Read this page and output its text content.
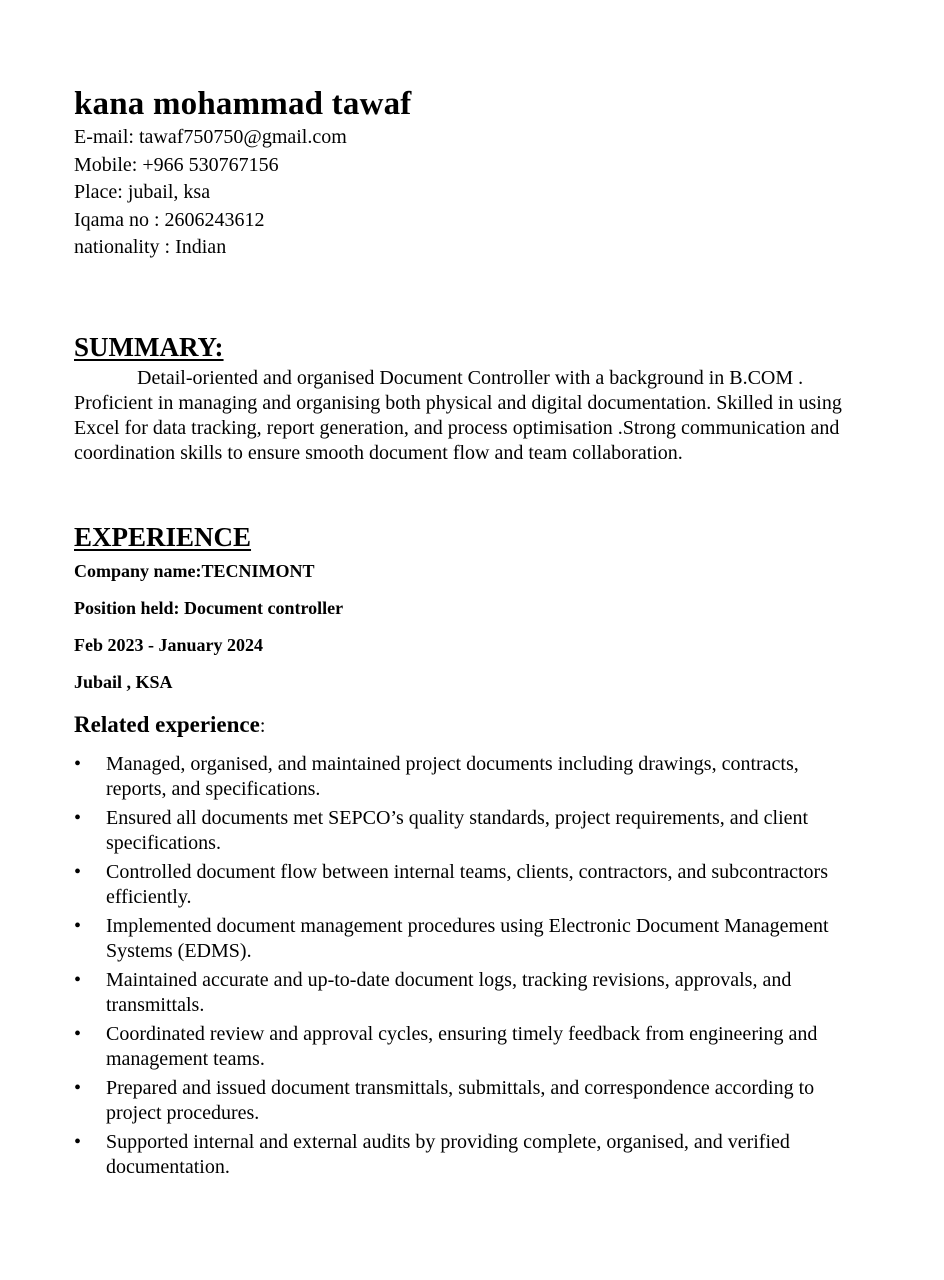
kana mohammad tawaf

E-mail: tawaf750750@gmail.com

Mobile: +966 530767156

Place: jubail, ksa

Iqama no : 2606243612

nationality : Indian

SUMMARY:

Detail-oriented and organised Document Controller with a background in B.COM . Proficient in managing and organising both physical and digital documentation. Skilled in using Excel for data tracking, report generation, and process optimisation .Strong communication and coordination skills to ensure smooth document flow and team collaboration.

EXPERIENCE

Company name:TECNIMONT

Position held: Document controller

Feb 2023 - January 2024

Jubail , KSA

Related experience:
• Managed, organised, and maintained project documents including drawings, contracts, reports, and specifications.
• Ensured all documents met SEPCO’s quality standards, project requirements, and client specifications.
• Controlled document flow between internal teams, clients, contractors, and subcontractors efficiently.
• Implemented document management procedures using Electronic Document Management Systems (EDMS).
• Maintained accurate and up-to-date document logs, tracking revisions, approvals, and transmittals.
• Coordinated review and approval cycles, ensuring timely feedback from engineering and management teams.
• Prepared and issued document transmittals, submittals, and correspondence according to project procedures.
• Supported internal and external audits by providing complete, organised, and verified documentation.
